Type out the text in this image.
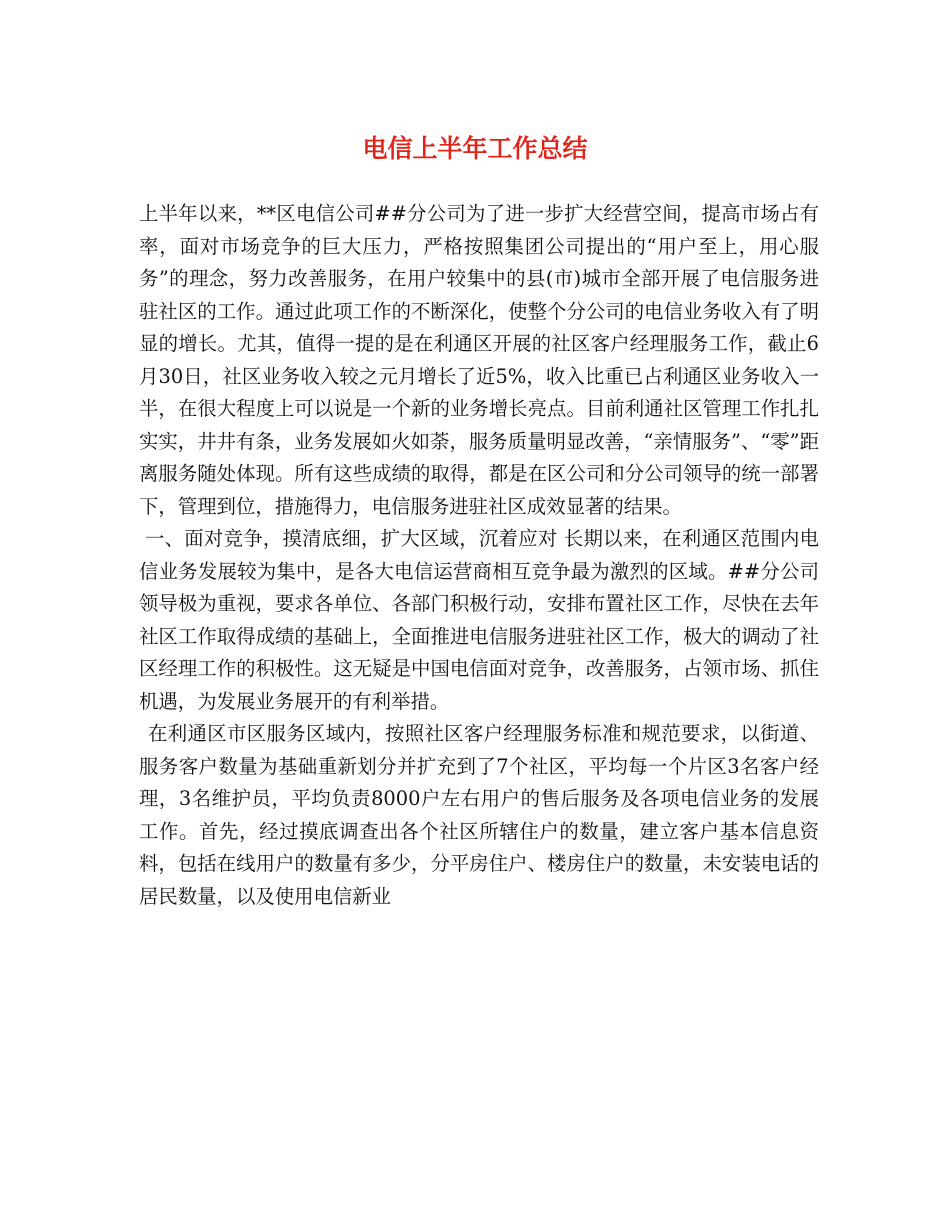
电信上半年工作总结

上半年以来，**区电信公司##分公司为了进一步扩大经营空间，提高市场占有率，面对市场竞争的巨大压力，严格按照集团公司提出的“用户至上，用心服务”的理念，努力改善服务，在用户较集中的县(市)城市全部开展了电信服务进驻社区的工作。通过此项工作的不断深化，使整个分公司的电信业务收入有了明显的增长。尤其，值得一提的是在利通区开展的社区客户经理服务工作，截止6月30日，社区业务收入较之元月增长了近5%，收入比重已占利通区业务收入一半，在很大程度上可以说是一个新的业务增长亮点。目前利通社区管理工作扎扎实实，井井有条，业务发展如火如荼，服务质量明显改善，“亲情服务”、“零”距离服务随处体现。所有这些成绩的取得，都是在区公司和分公司领导的统一部署下，管理到位，措施得力，电信服务进驻社区成效显著的结果。

一、面对竞争，摸清底细，扩大区域，沉着应对 长期以来，在利通区范围内电信业务发展较为集中，是各大电信运营商相互竞争最为激烈的区域。##分公司领导极为重视，要求各单位、各部门积极行动，安排布置社区工作，尽快在去年社区工作取得成绩的基础上，全面推进电信服务进驻社区工作，极大的调动了社区经理工作的积极性。这无疑是中国电信面对竞争，改善服务，占领市场、抓住机遇，为发展业务展开的有利举措。

在利通区市区服务区域内，按照社区客户经理服务标准和规范要求，以街道、服务客户数量为基础重新划分并扩充到了7个社区，平均每一个片区3名客户经理，3名维护员，平均负责8000户左右用户的售后服务及各项电信业务的发展工作。首先，经过摸底调查出各个社区所辖住户的数量，建立客户基本信息资料，包括在线用户的数量有多少，分平房住户、楼房住户的数量，未安装电话的居民数量，以及使用电信新业
